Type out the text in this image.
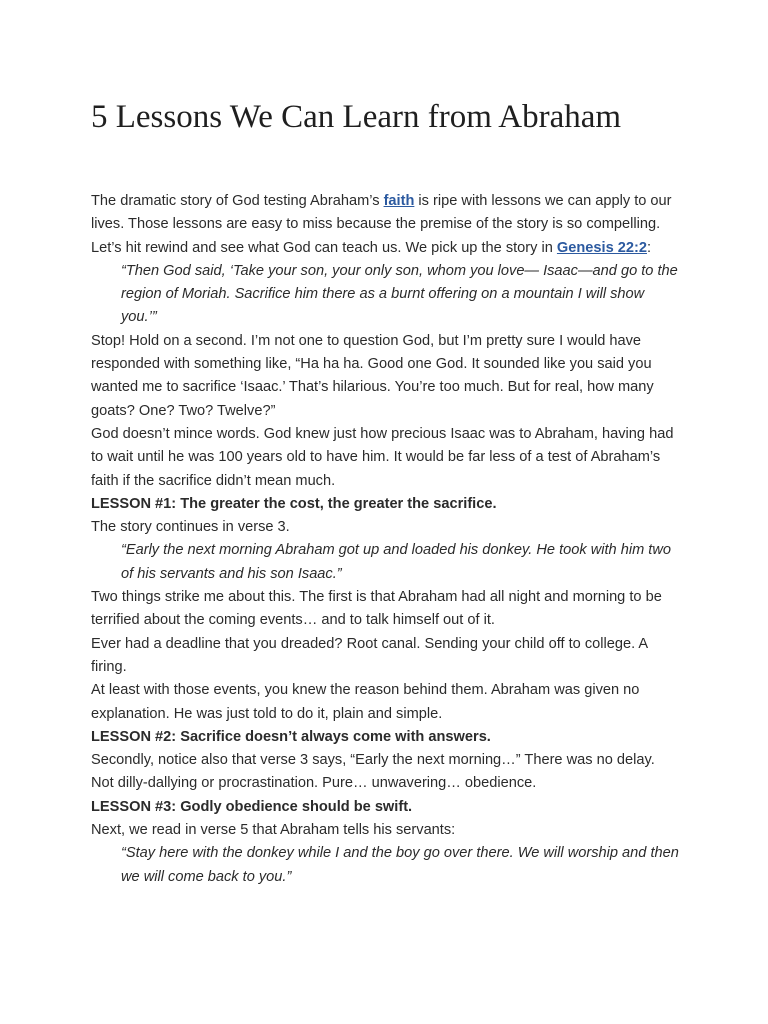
5 Lessons We Can Learn from Abraham

The dramatic story of God testing Abraham’s faith is ripe with lessons we can apply to our lives. Those lessons are easy to miss because the premise of the story is so compelling.

Let’s hit rewind and see what God can teach us. We pick up the story in Genesis 22:2:

“Then God said, ‘Take your son, your only son, whom you love— Isaac—and go to the region of Moriah. Sacrifice him there as a burnt offering on a mountain I will show you.’”

Stop! Hold on a second. I’m not one to question God, but I’m pretty sure I would have responded with something like, “Ha ha ha. Good one God. It sounded like you said you wanted me to sacrifice ‘Isaac.’ That’s hilarious. You’re too much. But for real, how many goats? One? Two? Twelve?”

God doesn’t mince words. God knew just how precious Isaac was to Abraham, having had to wait until he was 100 years old to have him. It would be far less of a test of Abraham’s faith if the sacrifice didn’t mean much.

LESSON #1: The greater the cost, the greater the sacrifice.

The story continues in verse 3.

“Early the next morning Abraham got up and loaded his donkey. He took with him two of his servants and his son Isaac.”

Two things strike me about this. The first is that Abraham had all night and morning to be terrified about the coming events… and to talk himself out of it.

Ever had a deadline that you dreaded? Root canal. Sending your child off to college. A firing.

At least with those events, you knew the reason behind them. Abraham was given no explanation. He was just told to do it, plain and simple.

LESSON #2: Sacrifice doesn’t always come with answers.

Secondly, notice also that verse 3 says, “Early the next morning…” There was no delay. Not dilly-dallying or procrastination. Pure… unwavering… obedience.

LESSON #3: Godly obedience should be swift.

Next, we read in verse 5 that Abraham tells his servants:

“Stay here with the donkey while I and the boy go over there. We will worship and then we will come back to you.”
